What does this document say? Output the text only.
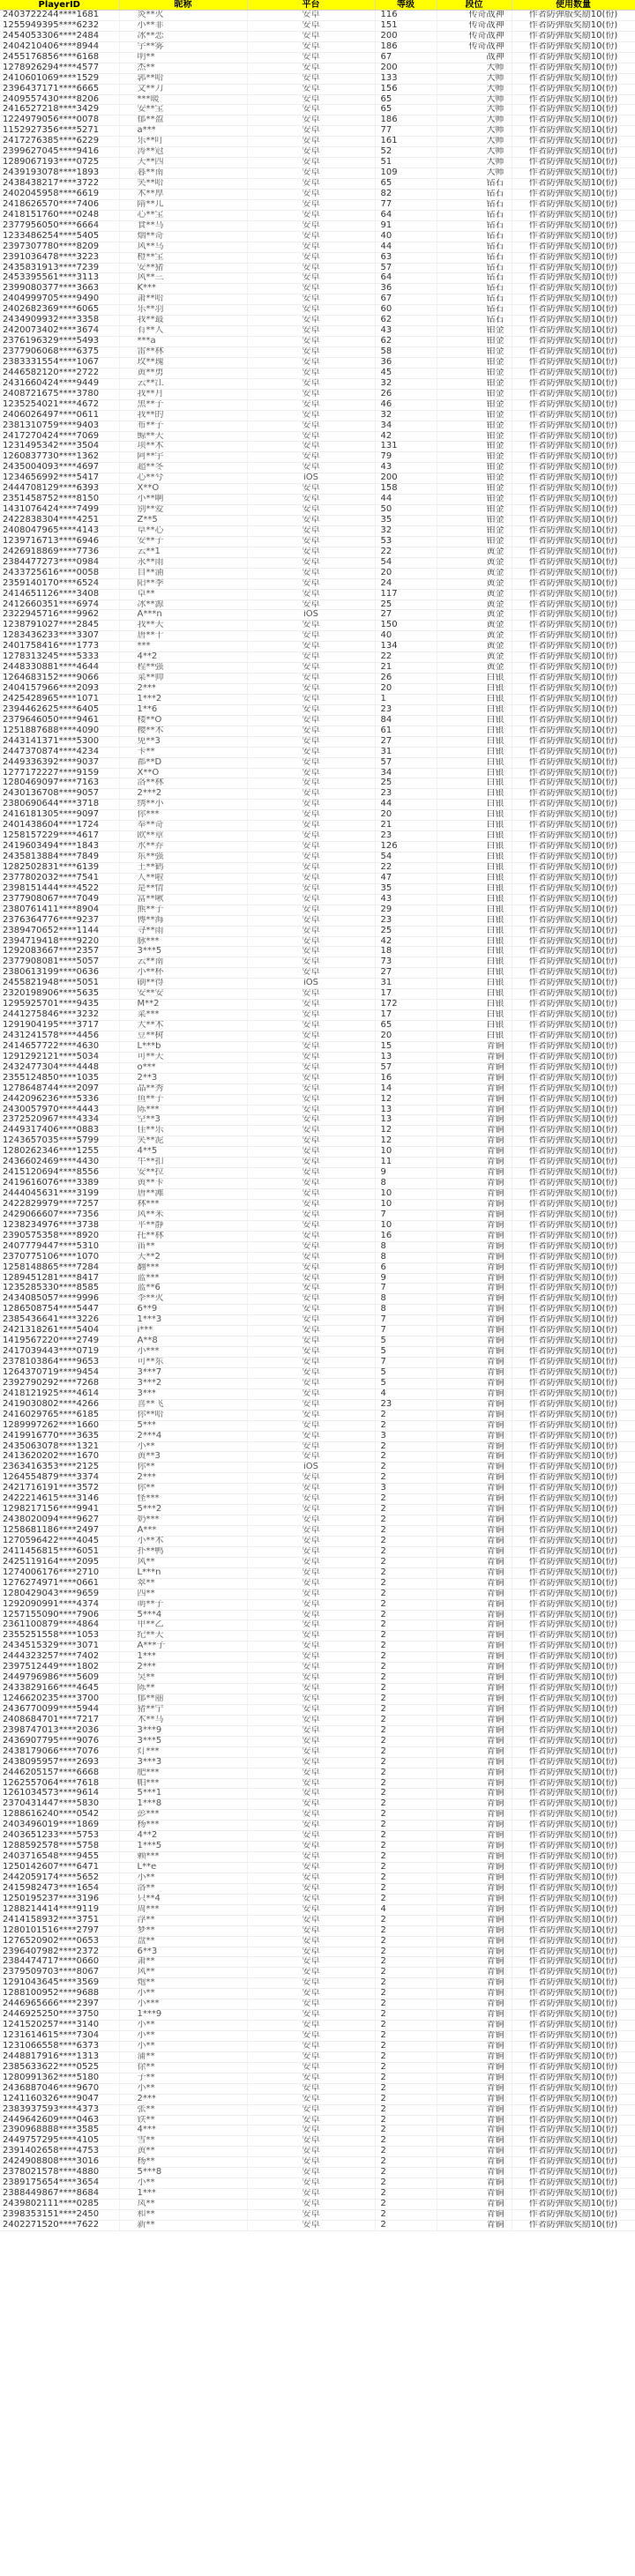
PlayerID	昵称	平台	等级	段位	使用数量
2403722244****1681	炎**火	安卓	116	传奇战神	作者防弹版奖励10(份)
1255949395****6232	小**菲	安卓	151	传奇战神	作者防弹版奖励10(份)
2454053306****2484	冰**恋	安卓	200	传奇战神	作者防弹版奖励10(份)
2404210406****8944	宇**雾	安卓	186	传奇战神	作者防弹版奖励10(份)
2455176856****6168	明**	安卓	67	战神	作者防弹版奖励10(份)
1278926294****4577	杰**	安卓	200	大师	作者防弹版奖励10(份)
2410601069****1529	郭**哈	安卓	133	大师	作者防弹版奖励10(份)
2396437171****6665	文**刀	安卓	156	大师	作者防弹版奖励10(份)
2409557430****8206	***暖	安卓	65	大师	作者防弹版奖励10(份)
2416527218****3429	安**宝	安卓	65	大师	作者防弹版奖励10(份)
1224979056****0078	郁**盈	安卓	186	大师	作者防弹版奖励10(份)
1152927356****5271	a***	安卓	77	大师	作者防弹版奖励10(份)
2417276385****6229	乐**叮	安卓	161	大师	作者防弹版奖励10(份)
2399627045****9416	涛**冠	安卓	52	大师	作者防弹版奖励10(份)
1289067193****0725	天**四	安卓	51	大师	作者防弹版奖励10(份)
2439193078****1893	暮**南	安卓	109	大师	作者防弹版奖励10(份)
2438438217****3722	笑**哈	安卓	65	钻石	作者防弹版奖励10(份)
2402045958****6619	木**厚	安卓	82	钻石	作者防弹版奖励10(份)
2418626570****7406	隋**儿	安卓	77	钻石	作者防弹版奖励10(份)
2418151760****0248	心**宝	安卓	64	钻石	作者防弹版奖励10(份)
2377956050****6664	食**马	安卓	91	钻石	作者防弹版奖励10(份)
1233486254****5405	烟**奇	安卓	40	钻石	作者防弹版奖励10(份)
2397307780****8209	风**乌	安卓	44	钻石	作者防弹版奖励10(份)
2391036478****3223	橙**宝	安卓	63	钻石	作者防弹版奖励10(份)
2435831913****7239	安**猪	安卓	57	钻石	作者防弹版奖励10(份)
2453395561****3113	风**三	安卓	64	钻石	作者防弹版奖励10(份)
2399080377****3663	K***	安卓	36	钻石	作者防弹版奖励10(份)
2404999705****9490	萧**哈	安卓	67	钻石	作者防弹版奖励10(份)
2402682369****6065	乐**羽	安卓	60	钻石	作者防弹版奖励10(份)
2434909932****3358	我**最	安卓	62	钻石	作者防弹版奖励10(份)
2420073402****3674	有**人	安卓	43	铂金	作者防弹版奖励10(份)
2376196329****5493	***a	安卓	62	铂金	作者防弹版奖励10(份)
2377906068****6375	雷**林	安卓	58	铂金	作者防弹版奖励10(份)
2383331554****1067	玫**瑰	安卓	36	铂金	作者防弹版奖励10(份)
2446582120****2722	黄**勇	安卓	45	铂金	作者防弹版奖励10(份)
2431660424****9449	云**江	安卓	32	铂金	作者防弹版奖励10(份)
2408721675****3780	我**月	安卓	26	铂金	作者防弹版奖励10(份)
1235254021****4672	黑**子	安卓	46	铂金	作者防弹版奖励10(份)
2406026497****0611	我**的	安卓	32	铂金	作者防弹版奖励10(份)
2381310759****9403	布**子	安卓	34	铂金	作者防弹版奖励10(份)
2417270424****7069	鲸**天	安卓	42	铂金	作者防弹版奖励10(份)
1231495342****3504	项**木	安卓	131	铂金	作者防弹版奖励10(份)
1260837730****1362	阿**宇	安卓	79	铂金	作者防弹版奖励10(份)
2435004093****4697	超**冬	安卓	43	铂金	作者防弹版奖励10(份)
1234656992****5417	心**兮	iOS	200	铂金	作者防弹版奖励10(份)
2444708129****6393	X**O	安卓	158	铂金	作者防弹版奖励10(份)
2351458752****8150	小**啊	安卓	44	铂金	作者防弹版奖励10(份)
1431076424****7499	别**爱	安卓	50	铂金	作者防弹版奖励10(份)
2422838304****4251	Z**5	安卓	35	铂金	作者防弹版奖励10(份)
2408047965****4143	草**心	安卓	32	铂金	作者防弹版奖励10(份)
1239716713****6946	安**子	安卓	53	铂金	作者防弹版奖励10(份)
2426918869****7736	云**1	安卓	22	黄金	作者防弹版奖励10(份)
2384477273****0984	永**雨	安卓	54	黄金	作者防弹版奖励10(份)
2433725616****0058	自**涌	安卓	20	黄金	作者防弹版奖励10(份)
2359140170****6524	阳**季	安卓	24	黄金	作者防弹版奖励10(份)
2414651126****3408	卓**	安卓	117	黄金	作者防弹版奖励10(份)
2412660351****6974	冰**源	安卓	25	黄金	作者防弹版奖励10(份)
2322945716****9962	A***n	iOS	27	黄金	作者防弹版奖励10(份)
1238791027****2845	我**天	安卓	150	黄金	作者防弹版奖励10(份)
1283436233****3307	唐**十	安卓	40	黄金	作者防弹版奖励10(份)
2401758416****1773	***	安卓	134	黄金	作者防弹版奖励10(份)
1278313245****5333	4**2	安卓	22	黄金	作者防弹版奖励10(份)
2448330881****4644	程**强	安卓	21	黄金	作者防弹版奖励10(份)
1264683152****9066	菜**帅	安卓	26	白银	作者防弹版奖励10(份)
2404157966****2093	2***	安卓	20	白银	作者防弹版奖励10(份)
2425428965****1071	1***2	安卓	1	白银	作者防弹版奖励10(份)
2394462625****6405	1**6	安卓	23	白银	作者防弹版奖励10(份)
2379646050****9461	楼**O	安卓	84	白银	作者防弹版奖励10(份)
1251887688****4090	樱**木	安卓	61	白银	作者防弹版奖励10(份)
2443141371****5300	免**3	安卓	27	白银	作者防弹版奖励10(份)
2447370874****4234	卡**	安卓	31	白银	作者防弹版奖励10(份)
2449336392****9037	都**D	安卓	57	白银	作者防弹版奖励10(份)
1277172227****9159	X**O	安卓	34	白银	作者防弹版奖励10(份)
1280469097****7163	洛**林	安卓	25	白银	作者防弹版奖励10(份)
2430136708****9057	2***2	安卓	23	白银	作者防弹版奖励10(份)
2380690644****3718	绣**小	安卓	44	白银	作者防弹版奖励10(份)
2416181305****9097	你***	安卓	20	白银	作者防弹版奖励10(份)
2401438604****1724	奉**奇	安卓	21	白银	作者防弹版奖励10(份)
1258157229****4617	欧**章	安卓	23	白银	作者防弹版奖励10(份)
2419603494****1843	水**乔	安卓	126	白银	作者防弹版奖励10(份)
2435813884****7849	东**强	安卓	54	白银	作者防弹版奖励10(份)
1282502831****6139	王**鹤	安卓	22	白银	作者防弹版奖励10(份)
2377802032****7541	人**啦	安卓	47	白银	作者防弹版奖励10(份)
2398151444****4522	是**情	安卓	35	白银	作者防弹版奖励10(份)
2377908067****7049	富**啾	安卓	43	白银	作者防弹版奖励10(份)
2380761411****8904	熊**子	安卓	29	白银	作者防弹版奖励10(份)
2376364776****9237	傅**海	安卓	23	白银	作者防弹版奖励10(份)
2389470652****1144	寻**雨	安卓	25	白银	作者防弹版奖励10(份)
2394719418****9220	脉***	安卓	42	白银	作者防弹版奖励10(份)
1292083667****2357	3***5	安卓	18	白银	作者防弹版奖励10(份)
2377908081****5057	云**南	安卓	73	白银	作者防弹版奖励10(份)
2380613199****0636	小**杯	安卓	27	白银	作者防弹版奖励10(份)
2455821948****5051	刷**得	iOS	31	白银	作者防弹版奖励10(份)
2320198906****5635	安**安	安卓	17	白银	作者防弹版奖励10(份)
1295925701****9435	M**2	安卓	172	白银	作者防弹版奖励10(份)
2441275846****3232	菜***	安卓	17	白银	作者防弹版奖励10(份)
1291904195****3717	大**木	安卓	65	白银	作者防弹版奖励10(份)
2431241578****4456	豆**树	安卓	20	白银	作者防弹版奖励10(份)
2414657722****4630	L***b	安卓	15	青铜	作者防弹版奖励10(份)
1291292121****5034	可**天	安卓	13	青铜	作者防弹版奖励10(份)
2432477304****4448	o***	安卓	57	青铜	作者防弹版奖励10(份)
2355124850****1035	2**3	安卓	16	青铜	作者防弹版奖励10(份)
1278648744****2097	晶**秀	安卓	14	青铜	作者防弹版奖励10(份)
2442096236****5336	鱼**子	安卓	12	青铜	作者防弹版奖励10(份)
2430057970****4443	陈***	安卓	13	青铜	作者防弹版奖励10(份)
2372520967****4334	空**3	安卓	13	青铜	作者防弹版奖励10(份)
2449317406****0883	佳**乐	安卓	12	青铜	作者防弹版奖励10(份)
1243657035****5799	笑**泥	安卓	12	青铜	作者防弹版奖励10(份)
1280262346****1255	4**5	安卓	10	青铜	作者防弹版奖励10(份)
2436602469****4430	牛**扣	安卓	11	青铜	作者防弹版奖励10(份)
2415120694****8556	安**拉	安卓	9	青铜	作者防弹版奖励10(份)
2419616076****3389	黄**卡	安卓	8	青铜	作者防弹版奖励10(份)
2444045631****3199	唐**滩	安卓	10	青铜	作者防弹版奖励10(份)
2422829979****7257	林***	安卓	10	青铜	作者防弹版奖励10(份)
2429066607****7356	风**米	安卓	7	青铜	作者防弹版奖励10(份)
1238234976****3738	平**静	安卓	10	青铜	作者防弹版奖励10(份)
2390575358****8920	托**林	安卓	16	青铜	作者防弹版奖励10(份)
2407779447****5310	笛**	安卓	8	青铜	作者防弹版奖励10(份)
2370775106****1070	天**2	安卓	8	青铜	作者防弹版奖励10(份)
1258148865****7284	翻***	安卓	6	青铜	作者防弹版奖励10(份)
1289451281****8417	蓝***	安卓	9	青铜	作者防弹版奖励10(份)
1235285330****8585	蓝**6	安卓	7	青铜	作者防弹版奖励10(份)
2434085057****9996	李**火	安卓	8	青铜	作者防弹版奖励10(份)
1286508754****5447	6**9	安卓	8	青铜	作者防弹版奖励10(份)
2385436641****3226	1***3	安卓	7	青铜	作者防弹版奖励10(份)
2421318261****5404	i***	安卓	7	青铜	作者防弹版奖励10(份)
1419567220****2749	A**8	安卓	5	青铜	作者防弹版奖励10(份)
2417039443****0719	小***	安卓	5	青铜	作者防弹版奖励10(份)
2378103864****9653	可**东	安卓	7	青铜	作者防弹版奖励10(份)
1264370719****9454	3***7	安卓	5	青铜	作者防弹版奖励10(份)
2392790292****7268	3***2	安卓	5	青铜	作者防弹版奖励10(份)
2418121925****4614	3***	安卓	4	青铜	作者防弹版奖励10(份)
2419030802****4266	喜**飞	安卓	23	青铜	作者防弹版奖励10(份)
2416029765****6185	你**哈	安卓	2	青铜	作者防弹版奖励10(份)
1289997262****1660	5***	安卓	2	青铜	作者防弹版奖励10(份)
2419916770****3635	2***4	安卓	3	青铜	作者防弹版奖励10(份)
2435063078****1321	小**	安卓	2	青铜	作者防弹版奖励10(份)
2413620202****1670	黄**3	安卓	2	青铜	作者防弹版奖励10(份)
2363416353****2125	你**	iOS	2	青铜	作者防弹版奖励10(份)
1264554879****3374	2***	安卓	2	青铜	作者防弹版奖励10(份)
2421716191****3572	你**	安卓	3	青铜	作者防弹版奖励10(份)
2422214615****3146	怪***	安卓	2	青铜	作者防弹版奖励10(份)
1298217156****9941	5***2	安卓	2	青铜	作者防弹版奖励10(份)
2438020094****9627	奶***	安卓	2	青铜	作者防弹版奖励10(份)
1258681186****2497	A***	安卓	2	青铜	作者防弹版奖励10(份)
1270596422****4045	小**木	安卓	2	青铜	作者防弹版奖励10(份)
2411456815****6051	扑**鸭	安卓	2	青铜	作者防弹版奖励10(份)
2425119164****2095	风**	安卓	2	青铜	作者防弹版奖励10(份)
1274006176****2710	L***n	安卓	2	青铜	作者防弹版奖励10(份)
1276274971****0661	翠**	安卓	2	青铜	作者防弹版奖励10(份)
1280429043****9659	四**	安卓	2	青铜	作者防弹版奖励10(份)
1292090991****4374	萌**子	安卓	2	青铜	作者防弹版奖励10(份)
1257155090****7906	5***4	安卓	2	青铜	作者防弹版奖励10(份)
2361100879****4864	甲**乙	安卓	2	青铜	作者防弹版奖励10(份)
2355251558****1053	纪**天	安卓	2	青铜	作者防弹版奖励10(份)
2434515329****3071	A***子	安卓	2	青铜	作者防弹版奖励10(份)
2444323257****7402	1***	安卓	2	青铜	作者防弹版奖励10(份)
2397512449****1802	2***	安卓	2	青铜	作者防弹版奖励10(份)
2449796986****5609	吴**	安卓	2	青铜	作者防弹版奖励10(份)
2433829166****4645	陈**	安卓	2	青铜	作者防弹版奖励10(份)
1246620235****3700	郁**丽	安卓	2	青铜	作者防弹版奖励10(份)
2436770099****5944	猪**宁	安卓	2	青铜	作者防弹版奖励10(份)
2408684701****7217	木**马	安卓	2	青铜	作者防弹版奖励10(份)
2398747013****2036	3***9	安卓	2	青铜	作者防弹版奖励10(份)
2436907795****9076	3***5	安卓	2	青铜	作者防弹版奖励10(份)
2438179066****7076	灯***	安卓	2	青铜	作者防弹版奖励10(份)
2438095957****2693	3***3	安卓	2	青铜	作者防弹版奖励10(份)
2446205157****6668	肥***	安卓	2	青铜	作者防弹版奖励10(份)
1262557064****7618	帕***	安卓	2	青铜	作者防弹版奖励10(份)
1261034573****9614	5***1	安卓	2	青铜	作者防弹版奖励10(份)
2370431447****5830	1***8	安卓	2	青铜	作者防弹版奖励10(份)
1288616240****0542	彭***	安卓	2	青铜	作者防弹版奖励10(份)
2403496019****1869	杨***	安卓	2	青铜	作者防弹版奖励10(份)
2403651233****5753	4**2	安卓	2	青铜	作者防弹版奖励10(份)
1288592578****5758	1***5	安卓	2	青铜	作者防弹版奖励10(份)
2403716548****9455	赖***	安卓	2	青铜	作者防弹版奖励10(份)
1250142607****6471	L**e	安卓	2	青铜	作者防弹版奖励10(份)
2442059174****5652	小**	安卓	2	青铜	作者防弹版奖励10(份)
2415982473****1654	洛**	安卓	2	青铜	作者防弹版奖励10(份)
1250195237****3196	只**4	安卓	2	青铜	作者防弹版奖励10(份)
1288214414****9119	周***	安卓	4	青铜	作者防弹版奖励10(份)
2414158932****3751	浮**	安卓	2	青铜	作者防弹版奖励10(份)
1280101516****2797	梦**	安卓	2	青铜	作者防弹版奖励10(份)
1276520902****0653	盘**	安卓	2	青铜	作者防弹版奖励10(份)
2396407982****2372	6**3	安卓	2	青铜	作者防弹版奖励10(份)
2384474717****0660	萧**	安卓	2	青铜	作者防弹版奖励10(份)
2379509703****8067	风**	安卓	2	青铜	作者防弹版奖励10(份)
1291043645****3569	炮**	安卓	2	青铜	作者防弹版奖励10(份)
1288100952****9688	小**	安卓	2	青铜	作者防弹版奖励10(份)
2446965666****2397	小***	安卓	2	青铜	作者防弹版奖励10(份)
2446925250****3750	1***9	安卓	2	青铜	作者防弹版奖励10(份)
1241520257****3140	小**	安卓	2	青铜	作者防弹版奖励10(份)
1231614615****7304	小**	安卓	2	青铜	作者防弹版奖励10(份)
1231066558****6373	小**	安卓	2	青铜	作者防弹版奖励10(份)
2448817916****1313	蒲**	安卓	2	青铜	作者防弹版奖励10(份)
2385633622****0525	徐**	安卓	2	青铜	作者防弹版奖励10(份)
1280991362****5180	子**	安卓	2	青铜	作者防弹版奖励10(份)
2436887046****9670	小**	安卓	2	青铜	作者防弹版奖励10(份)
1241160326****9047	2***	安卓	2	青铜	作者防弹版奖励10(份)
2383937593****4373	张**	安卓	2	青铜	作者防弹版奖励10(份)
2449642609****0463	铁**	安卓	2	青铜	作者防弹版奖励10(份)
2390968888****3585	4***	安卓	2	青铜	作者防弹版奖励10(份)
2449757295****4105	雪**	安卓	2	青铜	作者防弹版奖励10(份)
2391402658****4753	黄**	安卓	2	青铜	作者防弹版奖励10(份)
2424908808****3016	杨**	安卓	2	青铜	作者防弹版奖励10(份)
2378021578****4880	5***8	安卓	2	青铜	作者防弹版奖励10(份)
2389175654****3654	小**	安卓	2	青铜	作者防弹版奖励10(份)
2388449867****8684	1***	安卓	2	青铜	作者防弹版奖励10(份)
2439802111****0285	凤**	安卓	2	青铜	作者防弹版奖励10(份)
2398353151****2450	和**	安卓	2	青铜	作者防弹版奖励10(份)
2402271520****7622	新**	安卓	2	青铜	作者防弹版奖励10(份)
